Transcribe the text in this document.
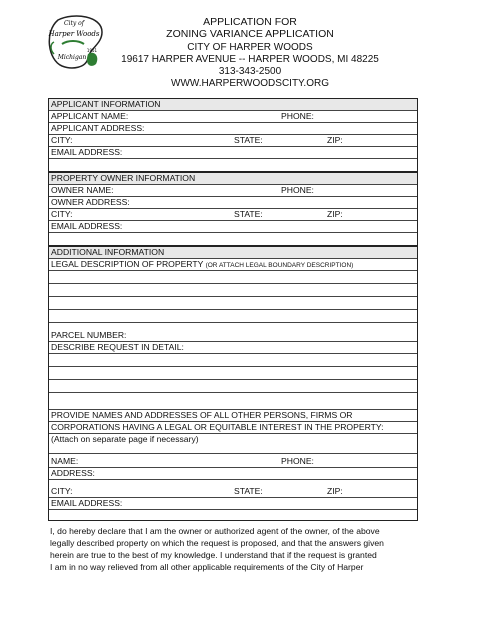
City of
Harper Woods
Michigan
1951
APPLICATION FOR
ZONING VARIANCE APPLICATION
CITY OF HARPER WOODS
19617 HARPER AVENUE -- HARPER WOODS, MI 48225
313-343-2500
WWW.HARPERWOODSCITY.ORG
APPLICANT INFORMATION
APPLICANT NAME:	PHONE:
APPLICANT ADDRESS:
CITY:	STATE:	ZIP:
EMAIL ADDRESS:
PROPERTY OWNER INFORMATION
OWNER NAME:	PHONE:
OWNER ADDRESS:
CITY:	STATE:	ZIP:
EMAIL ADDRESS:
ADDITIONAL INFORMATION
LEGAL DESCRIPTION OF PROPERTY (OR ATTACH LEGAL BOUNDARY DESCRIPTION)
PARCEL NUMBER:
DESCRIBE REQUEST IN DETAIL:
PROVIDE NAMES AND ADDRESSES OF ALL OTHER PERSONS, FIRMS OR
CORPORATIONS HAVING A LEGAL OR EQUITABLE INTEREST IN THE PROPERTY:
(Attach on separate page if necessary)
NAME:	PHONE:
ADDRESS:
CITY:	STATE:	ZIP:
EMAIL ADDRESS:
I, do hereby declare that I am the owner or authorized agent of the owner, of the above
legally described property on which the request is proposed, and that the answers given
herein are true to the best of my knowledge. I understand that if the request is granted
I am in no way relieved from all other applicable requirements of the City of Harper
